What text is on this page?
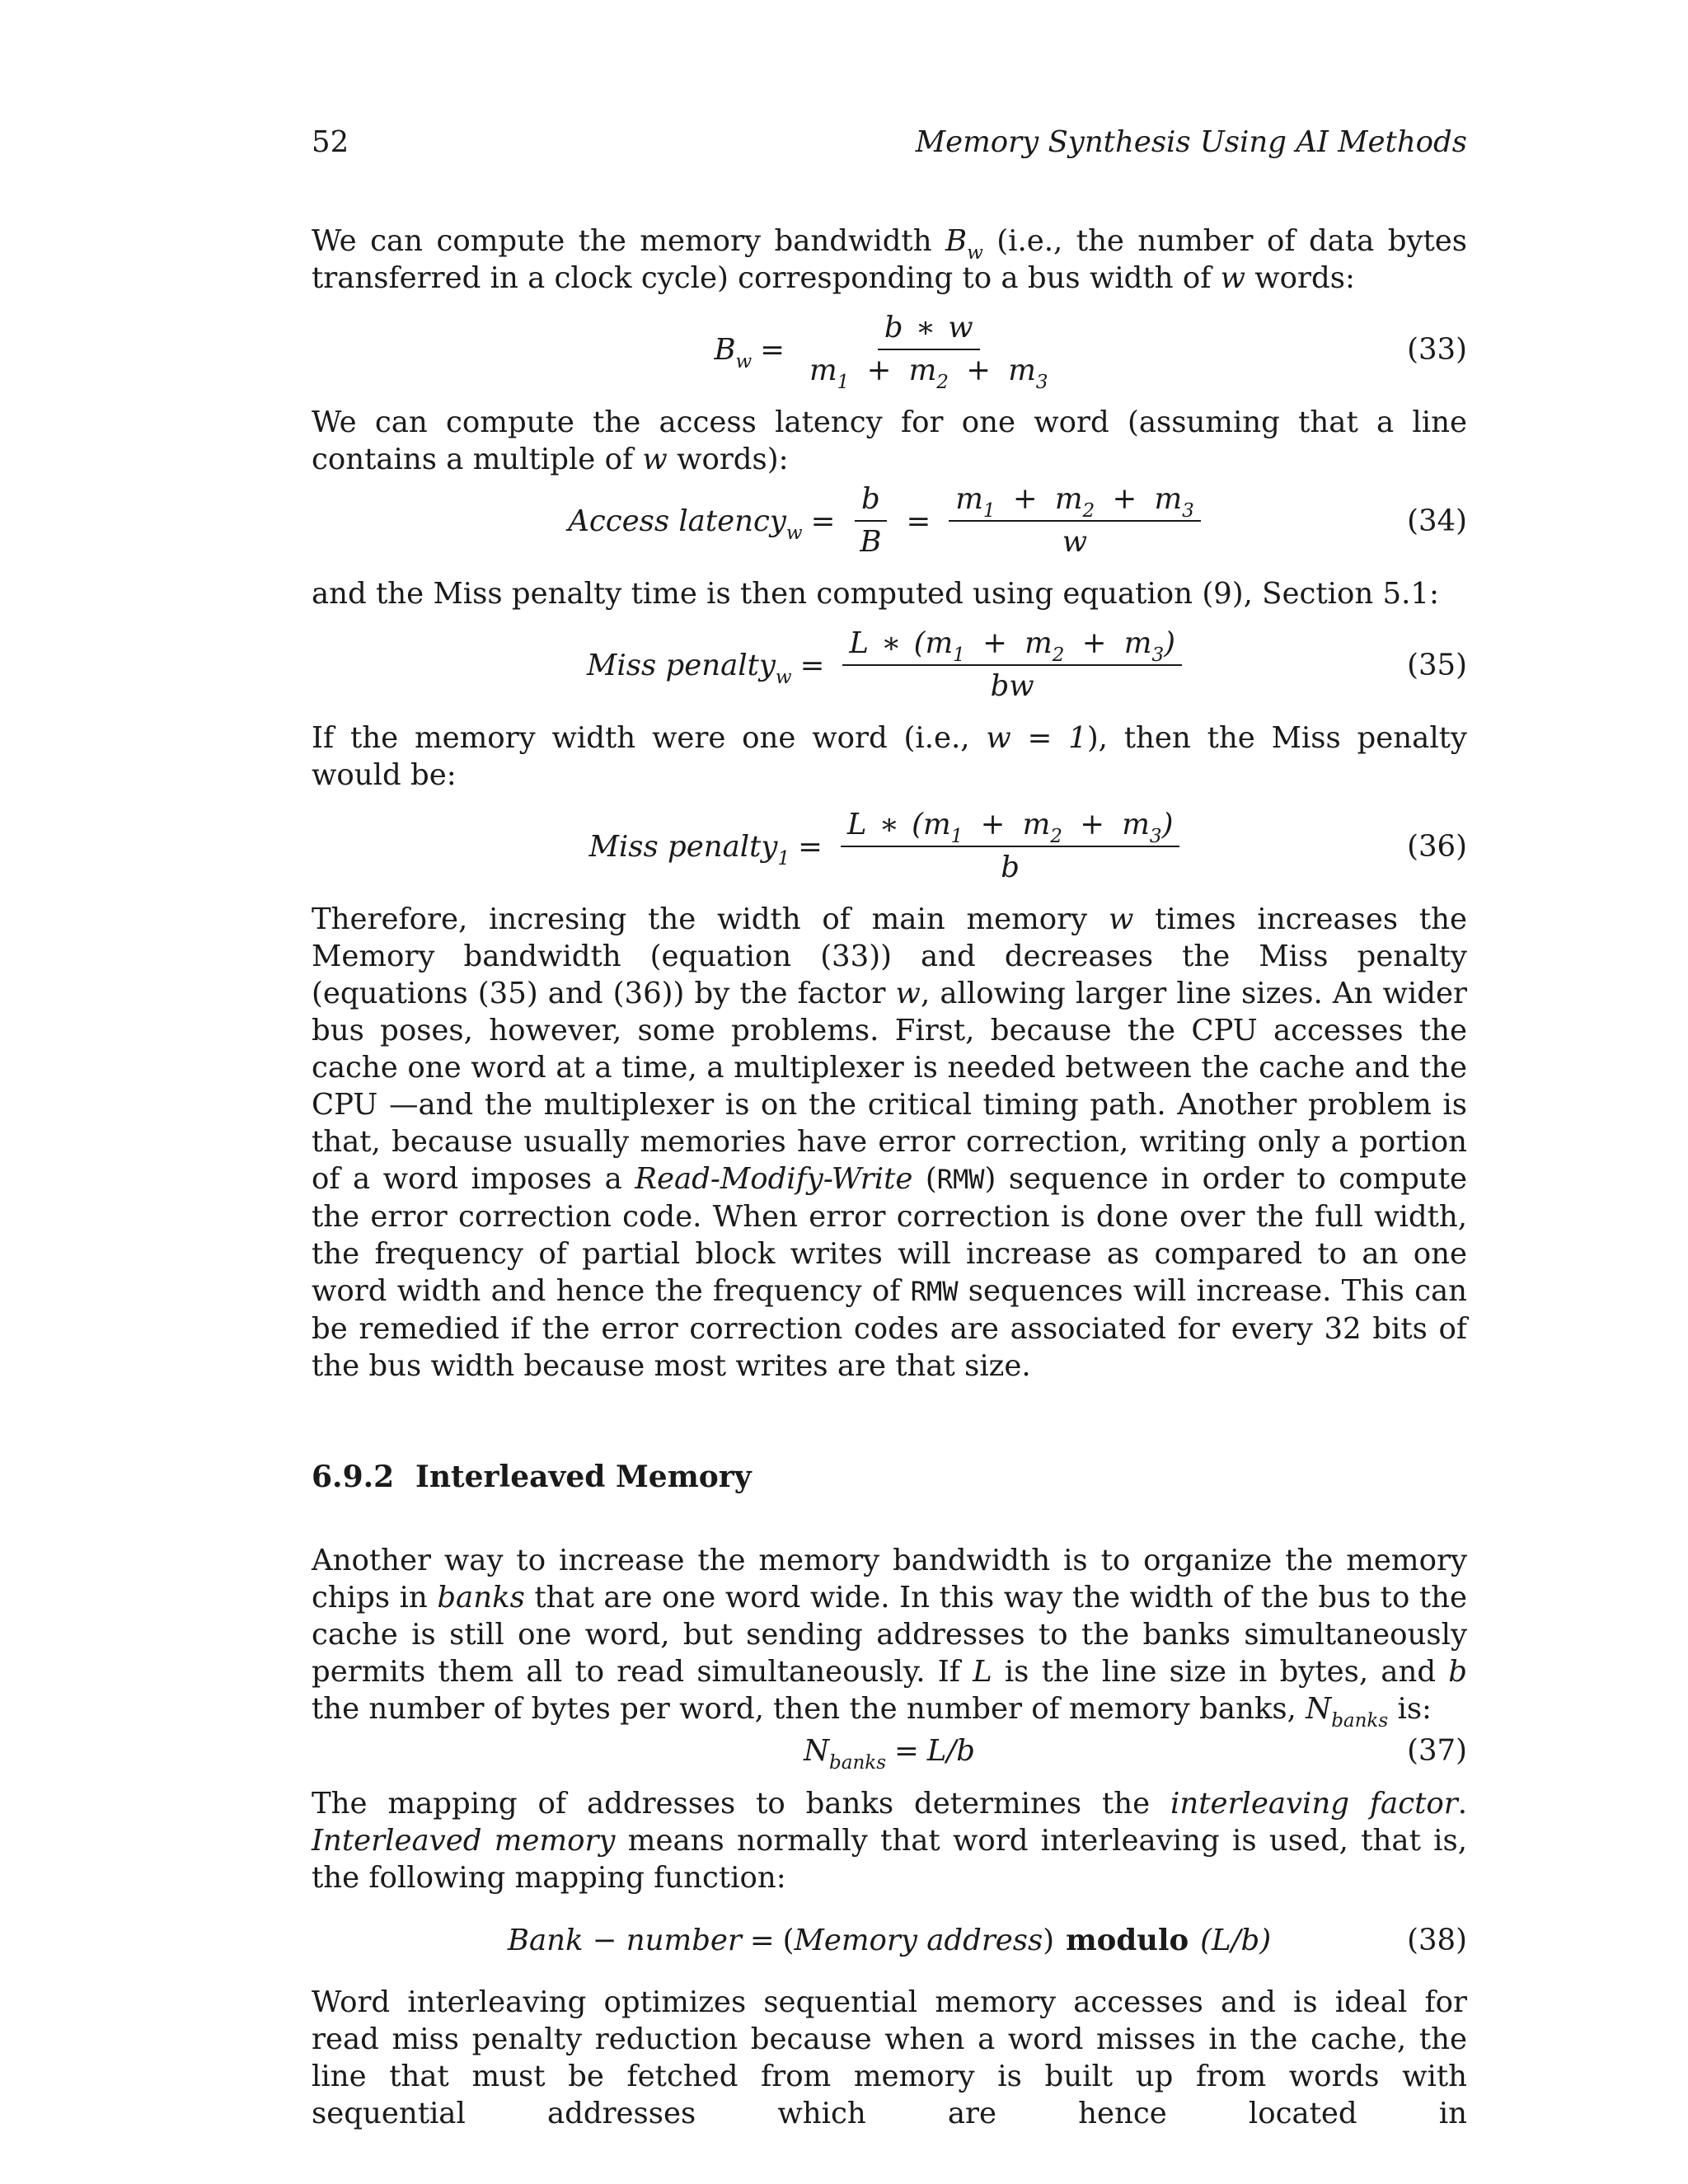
52	Memory Synthesis Using AI Methods

We can compute the memory bandwidth $B_w$ (i.e., the number of data bytes transferred in a clock cycle) corresponding to a bus width of w words:

$B_w = \frac{b ∗ w}{m_1 + m_2 + m_3}$	(33)

We can compute the access latency for one word (assuming that a line contains a multiple of w words):

Access latency$_w$ = $\frac{b}{B} = \frac{m_1 + m_2 + m_3}{w}$	(34)

and the Miss penalty time is then computed using equation (9), Section 5.1:

Miss penalty$_w$ = $\frac{L ∗ (m_1 + m_2 + m_3)}{bw}$	(35)

If the memory width were one word (i.e., w = 1), then the Miss penalty would be:

Miss penalty$_1$ = $\frac{L ∗ (m_1 + m_2 + m_3)}{b}$	(36)

Therefore, incresing the width of main memory w times increases the Memory bandwidth (equation (33)) and decreases the Miss penalty (equations (35) and (36)) by the factor w, allowing larger line sizes. An wider bus poses, however, some problems. First, because the CPU accesses the cache one word at a time, a multiplexer is needed between the cache and the CPU —and the multiplexer is on the critical timing path. Another problem is that, because usually memories have error correction, writing only a portion of a word imposes a Read-Modify-Write (RMW) sequence in order to compute the error correction code. When error correction is done over the full width, the frequency of partial block writes will increase as compared to an one word width and hence the frequency of RMW sequences will increase. This can be remedied if the error correction codes are associated for every 32 bits of the bus width because most writes are that size.

6.9.2 Interleaved Memory

Another way to increase the memory bandwidth is to organize the memory chips in banks that are one word wide. In this way the width of the bus to the cache is still one word, but sending addresses to the banks simultaneously permits them all to read simultaneously. If L is the line size in bytes, and b the number of bytes per word, then the number of memory banks, $N_{banks}$ is:

$N_{banks} = L/b$	(37)

The mapping of addresses to banks determines the interleaving factor. Interleaved memory means normally that word interleaving is used, that is, the following mapping function:

Bank − number = (Memory address) modulo (L/b)	(38)

Word interleaving optimizes sequential memory accesses and is ideal for read miss penalty reduction because when a word misses in the cache, the line that must be fetched from memory is built up from words with sequential addresses which are hence located in
